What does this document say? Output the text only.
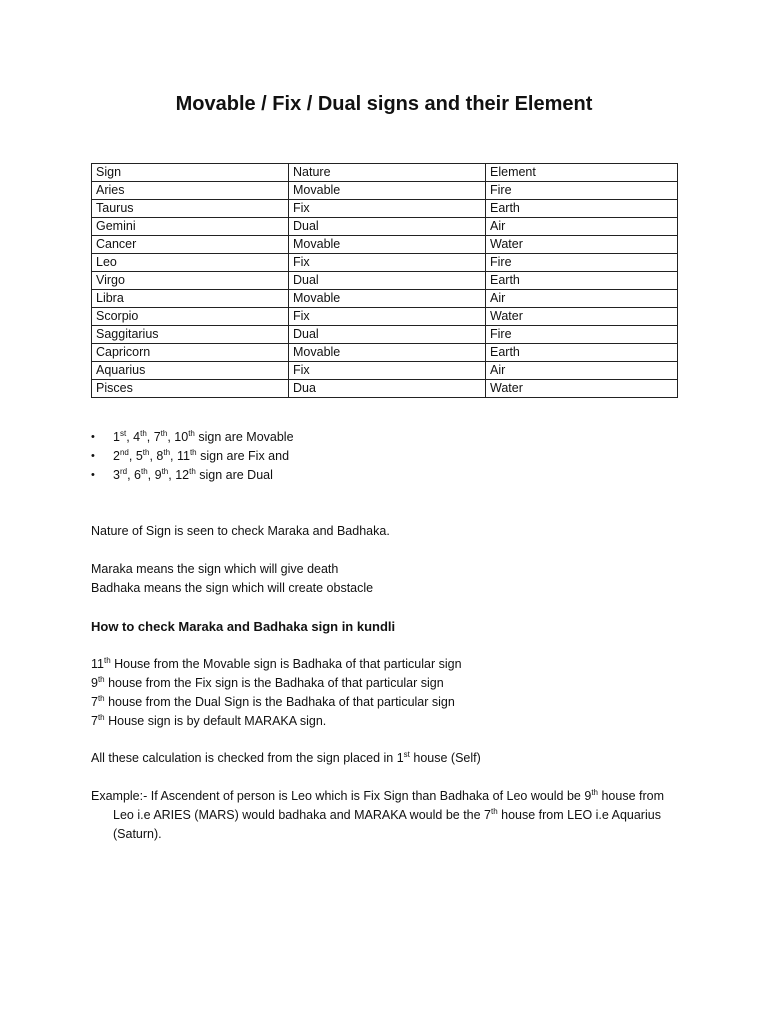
Movable / Fix / Dual signs and their Element
Sign	Nature	Element
Aries	Movable	Fire
Taurus	Fix	Earth
Gemini	Dual	Air
Cancer	Movable	Water
Leo	Fix	Fire
Virgo	Dual	Earth
Libra	Movable	Air
Scorpio	Fix	Water
Saggitarius	Dual	Fire
Capricorn	Movable	Earth
Aquarius	Fix	Air
Pisces	Dua	Water
• 1st, 4th, 7th, 10th sign are Movable
• 2nd, 5th, 8th, 11th sign are Fix and
• 3rd, 6th, 9th, 12th sign are Dual

Nature of Sign is seen to check Maraka and Badhaka.

Maraka means the sign which will give death

Badhaka means the sign which will create obstacle

How to check Maraka and Badhaka sign in kundli

11th House from the Movable sign is Badhaka of that particular sign

9th house from the Fix sign is the Badhaka of that particular sign

7th house from the Dual Sign is the Badhaka of that particular sign

7th House sign is by default MARAKA sign.

All these calculation is checked from the sign placed in 1st house (Self)

Example:- If Ascendent of person is Leo which is Fix Sign than Badhaka of Leo would be 9th house from
Leo i.e ARIES (MARS) would badhaka and MARAKA would be the 7th house from LEO i.e Aquarius
(Saturn).
